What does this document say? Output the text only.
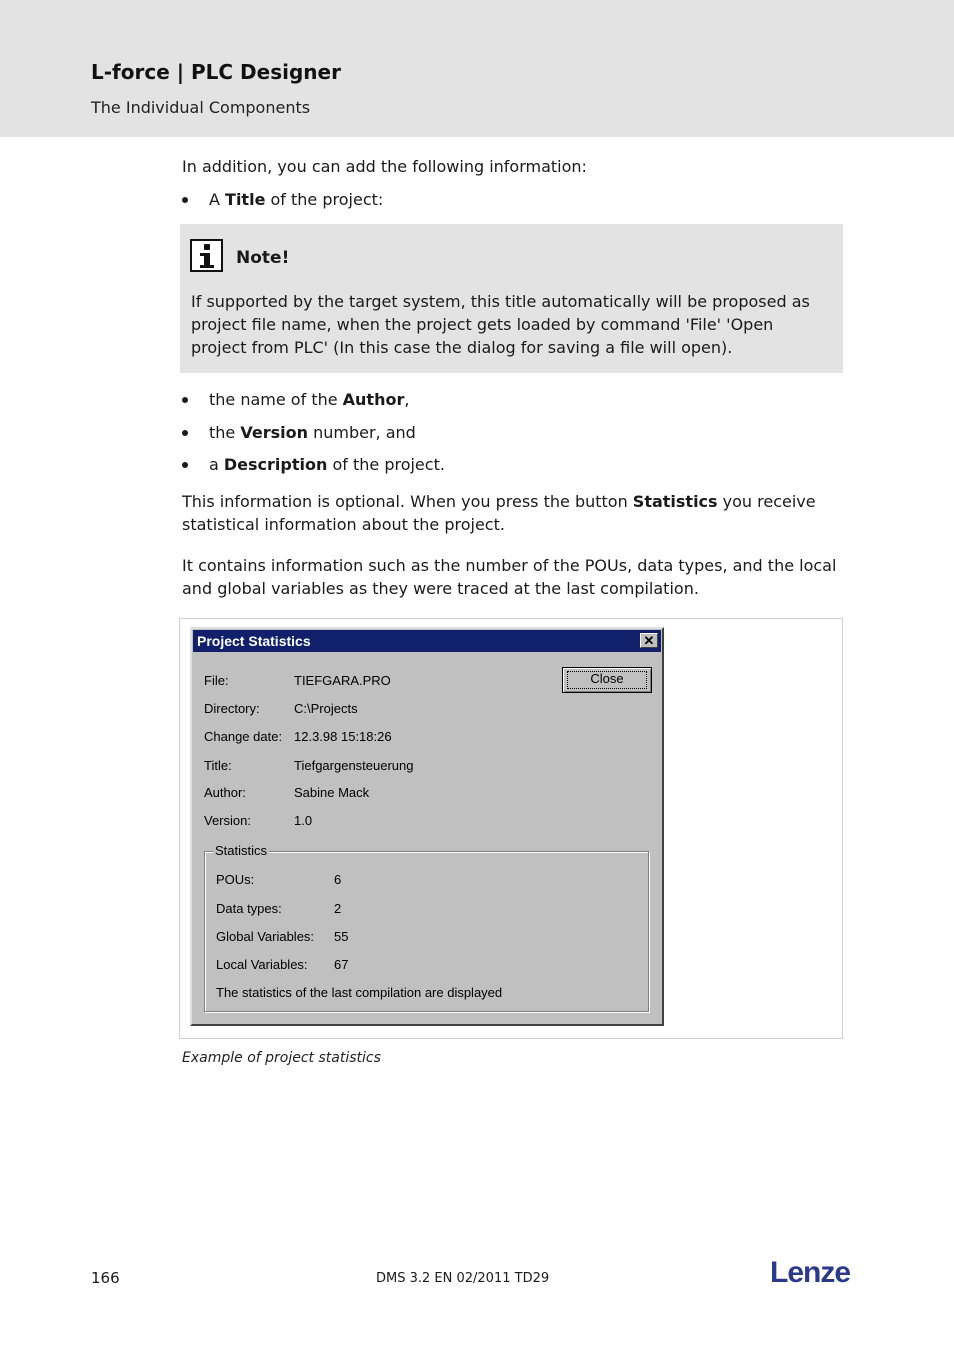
L-force | PLC Designer
The Individual Components
In addition, you can add the following information:
A Title of the project:
Note!
If supported by the target system, this title automatically will be proposed as project file name, when the project gets loaded by command 'File' 'Open project from PLC' (In this case the dialog for saving a file will open).
the name of the Author,
the Version number, and
a Description of the project.
This information is optional. When you press the button Statistics you receive statistical information about the project.
It contains information such as the number of the POUs, data types, and the local and global variables as they were traced at the last compilation.
Project Statistics	✕
Close
File:	TIEFGARA.PRO
Directory:	C:\Projects
Change date: 12.3.98 15:18:26
Title:	Tiefgargensteuerung
Author:	Sabine Mack
Version:	1.0
Statistics
POUs:	6
Data types:	2
Global Variables: 55
Local Variables: 67
The statistics of the last compilation are displayed
Example of project statistics
166	DMS 3.2 EN 02/2011 TD29	Lenze
